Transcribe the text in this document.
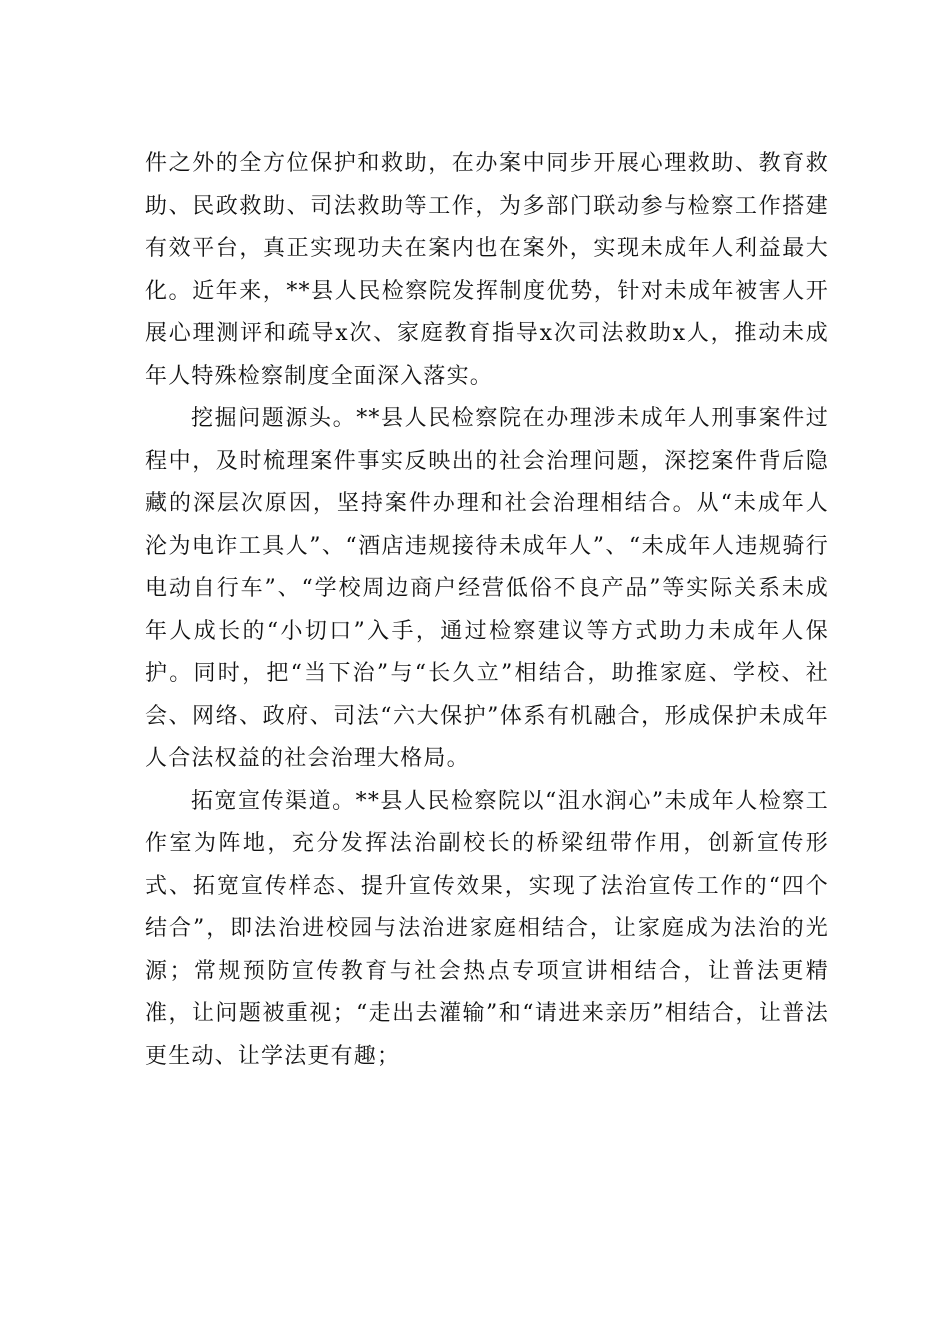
件之外的全方位保护和救助，在办案中同步开展心理救助、教育救助、民政救助、司法救助等工作，为多部门联动参与检察工作搭建有效平台，真正实现功夫在案内也在案外，实现未成年人利益最大化。近年来，**县人民检察院发挥制度优势，针对未成年被害人开展心理测评和疏导x次、家庭教育指导x次司法救助x人，推动未成年人特殊检察制度全面深入落实。

挖掘问题源头。**县人民检察院在办理涉未成年人刑事案件过程中，及时梳理案件事实反映出的社会治理问题，深挖案件背后隐藏的深层次原因，坚持案件办理和社会治理相结合。从“未成年人沦为电诈工具人”、“酒店违规接待未成年人”、“未成年人违规骑行电动自行车”、“学校周边商户经营低俗不良产品”等实际关系未成年人成长的“小切口”入手，通过检察建议等方式助力未成年人保护。同时，把“当下治”与“长久立”相结合，助推家庭、学校、社会、网络、政府、司法“六大保护”体系有机融合，形成保护未成年人合法权益的社会治理大格局。

拓宽宣传渠道。**县人民检察院以“沮水润心”未成年人检察工作室为阵地，充分发挥法治副校长的桥梁纽带作用，创新宣传形式、拓宽宣传样态、提升宣传效果，实现了法治宣传工作的“四个结合”，即法治进校园与法治进家庭相结合，让家庭成为法治的光源；常规预防宣传教育与社会热点专项宣讲相结合，让普法更精准，让问题被重视；“走出去灌输”和“请进来亲历”相结合，让普法更生动、让学法更有趣；
